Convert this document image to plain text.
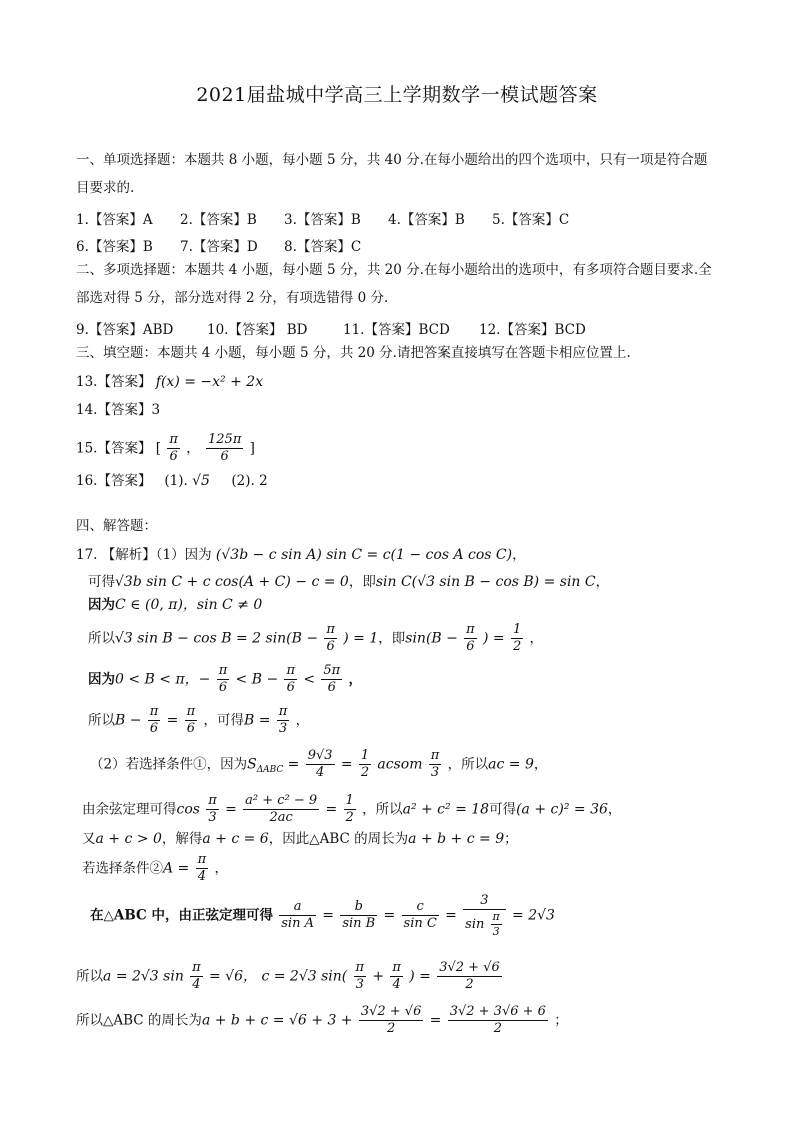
2021届盐城中学高三上学期数学一模试题答案
一、单项选择题：本题共 8 小题，每小题 5 分，共 40 分.在每小题给出的四个选项中，只有一项是符合题
目要求的.
1.【答案】A 2.【答案】B 3.【答案】B 4.【答案】B 5.【答案】C
6.【答案】B 7.【答案】D 8.【答案】C
二、多项选择题：本题共 4 小题，每小题 5 分，共 20 分.在每小题给出的选项中，有多项符合题目要求.全
部选对得 5 分，部分选对得 2 分，有项选错得 0 分.
9.【答案】ABD 10.【答案】 BD	11.【答案】BCD 12.【答案】BCD
三、填空题：本题共 4 小题，每小题 5 分，共 20 分.请把答案直接填写在答题卡相应位置上.
13.【答案】 f(x) = −x² + 2x
14.【答案】3
15.【答案】 [ $\frac{\pi}{6}$ ， $\frac{125\pi}{6}$ ]
16.【答案】 (1). √5 (2). 2
四、解答题：
17. 【解析】（1）因为 (√3b − c sin A) sin C = c(1 − cos A cos C)，
可得√3b sin C + c cos(A + C) − c = 0，即sin C(√3 sin B − cos B) = sin C，
因为C ∈ (0, π)，sin C ≠ 0
所以√3 sin B − cos B = 2 $\sin(B - \frac{\pi}{6}$ ) = 1，即$\sin(B - \frac{\pi}{6}$ ) = $\frac{1}{2}$ ，
因为0 < B < π，− $\frac{\pi}{6} < B - \frac{\pi}{6} < \frac{5\pi}{6}$ ，
所以$B - \frac{\pi}{6} = \frac{\pi}{6}$ ，可得$B = \frac{\pi}{3}$ ，
（2）若选择条件①，因为$S_{\Delta ABC} = \frac{9√3}{4} = \frac{1}{2}$ acsom $\frac{\pi}{3}$ ，所以ac = 9，
由余弦定理可得$\cos \frac{\pi}{3} = \frac{\text{a² + c² − 9}}{2ac} = \frac{1}{2}$ ，所以a² + c² = 18可得(a + c)² = 36，
又a + c > 0，解得a + c = 6，因此△ABC 的周长为a + b + c = 9；
若选择条件②A = $\frac{\pi}{4}$ ，
在△ABC 中，由正弦定理可得 $\frac{a}{\text{sin A}} = \frac{b}{\text{sin B}} = \frac{c}{\text{sin C}} = \frac{3}{\sin \frac{\pi}{3}} = 2√3$
所以a = 2√3 $\sin \frac{\pi}{4} = √6$， c = 2√3 $\sin( \frac{\pi}{3} + \frac{\pi}{4}$ ) = $\frac{3√2 + √6}{2}$
所以△ABC 的周长为$a + b + c = √6 + 3 + \frac{3√2 + √6}{2} = \frac{3√2 + 3√6 + 6}{2}$ ；
